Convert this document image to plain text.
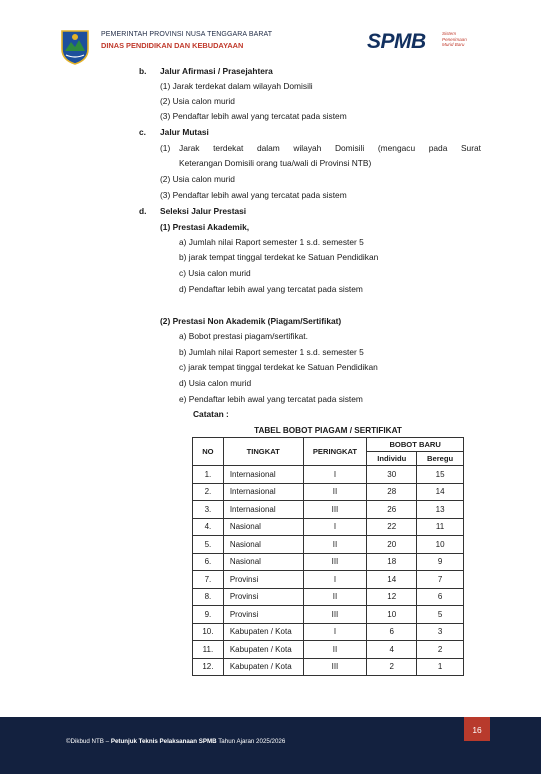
PEMERINTAH PROVINSI NUSA TENGGARA BARAT
DINAS PENDIDIKAN DAN KEBUDAYAAN	SPMB	Sistem
Penerimaan
Murid Baru
b. Jalur Afirmasi / Prasejahtera
(1) Jarak terdekat dalam wilayah Domisili
(2) Usia calon murid
(3) Pendaftar lebih awal yang tercatat pada sistem
c. Jalur Mutasi
(1) Jarak terdekat dalam wilayah Domisili (mengacu pada Surat
Keterangan Domisili orang tua/wali di Provinsi NTB)
(2) Usia calon murid
(3) Pendaftar lebih awal yang tercatat pada sistem
d. Seleksi Jalur Prestasi
(1) Prestasi Akademik,
a) Jumlah nilai Raport semester 1 s.d. semester 5
b) jarak tempat tinggal terdekat ke Satuan Pendidikan
c) Usia calon murid
d) Pendaftar lebih awal yang tercatat pada sistem
(2) Prestasi Non Akademik (Piagam/Sertifikat)
a) Bobot prestasi piagam/sertifikat.
b) Jumlah nilai Raport semester 1 s.d. semester 5
c) jarak tempat tinggal terdekat ke Satuan Pendidikan
d) Usia calon murid
e) Pendaftar lebih awal yang tercatat pada sistem
Catatan :
TABEL BOBOT PIAGAM / SERTIFIKAT
NO	TINGKAT	PERINGKAT	BOBOT BARU	
			Individu	Beregu
1.	Internasional	I	30	15
2.	Internasional	II	28	14
3.	Internasional	III	26	13
4.	Nasional	I	22	11
5.	Nasional	II	20	10
6.	Nasional	III	18	9
7.	Provinsi	I	14	7
8.	Provinsi	II	12	6
9.	Provinsi	III	10	5
10.	Kabupaten / Kota	I	6	3
11.	Kabupaten / Kota	II	4	2
12.	Kabupaten / Kota	III	2	1
©Dikbud NTB – Petunjuk Teknis Pelaksanaan SPMB Tahun Ajaran 2025/2026
16
